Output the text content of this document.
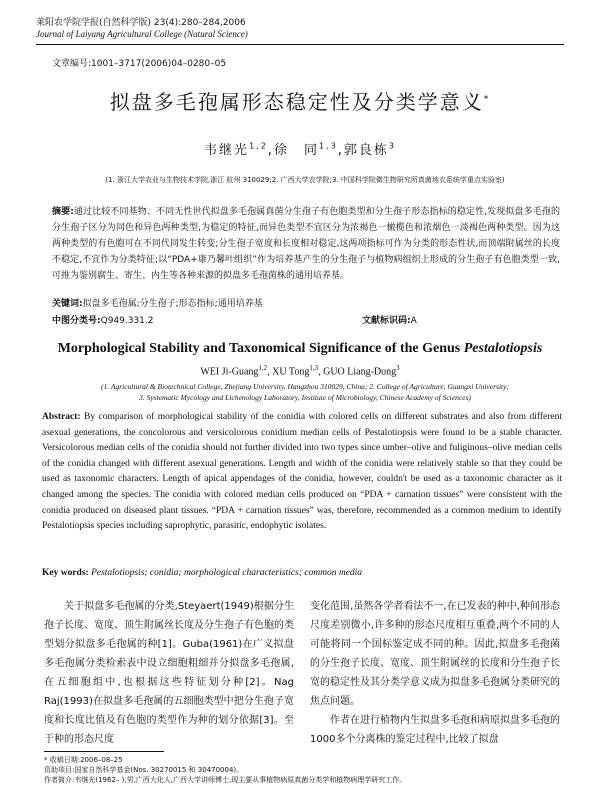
莱阳农学院学报(自然科学版) 23(4):280–284,2006
Journal of Laiyang Agricultural College (Natural Science)
文章编号:1001–3717(2006)04–0280–05
拟盘多毛孢属形态稳定性及分类学意义*
韦继光$^{1,2}$,徐　同$^{1,3}$,郭良栋$^3$
(1. 浙江大学农业与生物技术学院,浙江 杭州 310029;2. 广西大学农学院;3. 中国科学院微生物研究所真菌地衣系统学重点实验室)
摘要:通过比较不同基物、不同无性世代拟盘多毛孢属真菌分生孢子有色胞类型和分生孢子形态指标的稳定性,发现拟盘多毛孢的分生孢子区分为同色和异色两种类型,为稳定的特征,而异色类型不宜区分为浓褐色一橄榄色和浓烟色一淡褐色两种类型。因为这两种类型的有色胞可在不同代同发生转变;分生孢子宽度和长度相对稳定,这两项指标可作为分类的形态性状,而顶端附属丝的长度不稳定,不宜作为分类特征;以“PDA+康乃馨叶组织”作为培养基产生的分生孢子与植物病组织上形成的分生孢子有色胞类型一致,可推为鉴别腐生、寄生、内生等各种来源的拟盘多毛孢菌株的通用培养基。
关键词:拟盘多毛孢属;分生孢子;形态指标;通用培养基
中图分类号:Q949.331.2	文献标识码:A
Morphological Stability and Taxonomical Significance of the Genus Pestalotiopsis
WEI Ji-Guang$^{1,2}$, XU Tong$^{1,3}$, GUO Liang-Dong$^3$
(1. Agricultural & Biotechnical College, Zhejiang University, Hangzhou 310029, China; 2. College of Agriculture, Guangxi University;
3. Systematic Mycology and Lichenology Laboratory, Institute of Microbiology, Chinese Academy of Sciences)
Abstract: By comparison of morphological stability of the conidia with colored cells on different substrates and also from different asexual generations, the concolorous and versicolorous conidium median cells of Pestalotiopsis were found to be a stable character. Versicolorous median cells of the conidia should not further divided into two types since umber–olive and fuliginous–olive median cells of the conidia changed with different asexual generations. Length and width of the conidia were relatively stable so that they could be used as taxonomic characters. Length of apical appendages of the conidia, however, couldn't be used as a taxonomic character as it changed among the species. The conidia with colored median cells produced on “PDA + carnation tissues” were consistent with the conidia produced on diseased plant tissues. “PDA + carnation tissues” was, therefore, recommended as a common medium to identify Pestalotiopsis species including saprophytic, parasitic, endophytic isolates.
Key words: Pestalotiopsis; conidia; morphological characteristics; common media

关于拟盘多毛孢属的分类,Steyaert(1949)根据分生孢子长度、宽度、顶生附属丝长度及分生孢子有色胞的类型划分拟盘多毛孢属的种[1]。Guba(1961)在广义拟盘多毛孢属分类检索表中设立细胞粗细并分拟盘多毛孢属,在五细胞组中,也根据这些特征划分种[2]。Nag Raj(1993)在拟盘多毛孢属的五细胞类型中把分生孢子宽度和长度比值及有色胞的类型作为种的划分依据[3]。至于种的形态尺度

变化范围,虽然各学者看法不一,在已发表的种中,种间形态尺度差别微小,许多种的形态尺度相互重叠,两个不同的人可能将同一个国标鉴定成不同的种。因此,拟盘多毛孢菌的分生孢子长度、宽度、顶生附属丝的长度和分生孢子长宽的稳定性及其分类学意义成为拟盘多毛孢属分类研究的焦点问题。

作者在进行植物内生拟盘多毛孢和病原拟盘多毛孢的1000多个分离株的鉴定过程中,比较了拟盘

* 收稿日期:2006–08–25
资助项目:国家自然科学基金(Nos. 30270015 和 30470004)。
作者简介:韦继光(1962– ),男,广西大化人,广西大学讲师博士,现主要从事植物病原真菌分类学和植物病理学研究工作。
